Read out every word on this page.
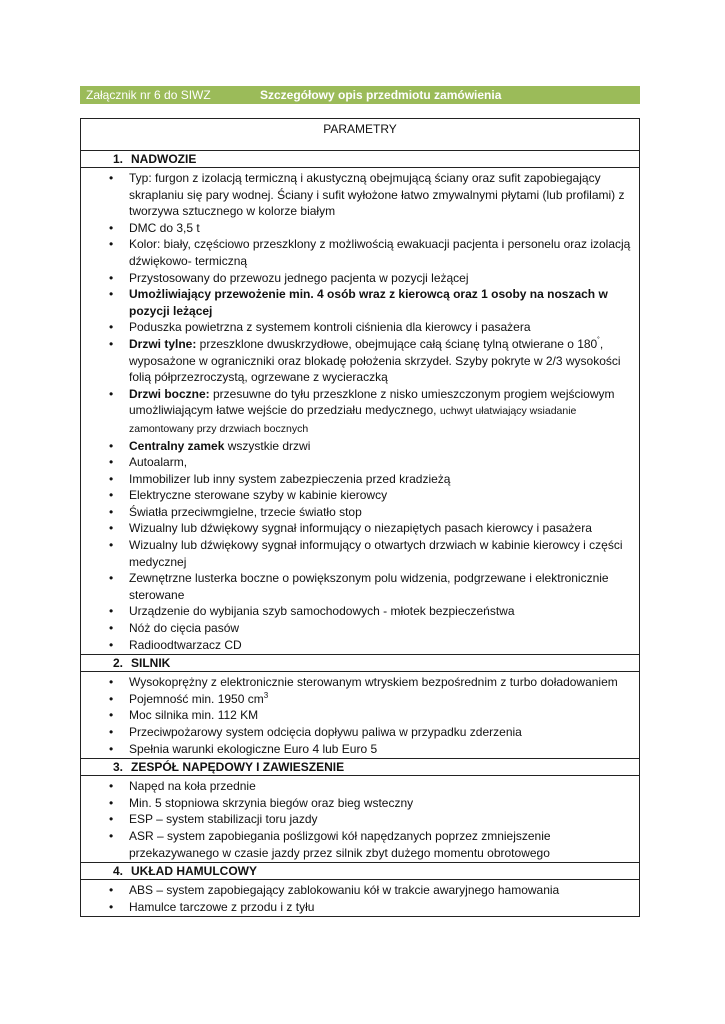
Załącznik nr 6 do SIWZ	Szczegółowy opis przedmiotu zamówienia
PARAMETRY
1. NADWOZIE

• Typ: furgon z izolacją termiczną i akustyczną obejmującą ściany oraz sufit zapobiegający skraplaniu się pary wodnej. Ściany i sufit wyłożone łatwo zmywalnymi płytami (lub profilami) z tworzywa sztucznego w kolorze białym
• DMC do 3,5 t
• Kolor: biały, częściowo przeszklony z możliwością ewakuacji pacjenta i personelu oraz izolacją dźwiękowo- termiczną
• Przystosowany do przewozu jednego pacjenta w pozycji leżącej
• Umożliwiający przewożenie min. 4 osób wraz z kierowcą oraz 1 osoby na noszach w pozycji leżącej
• Poduszka powietrzna z systemem kontroli ciśnienia dla kierowcy i pasażera
• Drzwi tylne: przeszklone dwuskrzydłowe, obejmujące całą ścianę tylną otwierane o 180˚, wyposażone w ograniczniki oraz blokadę położenia skrzydeł. Szyby pokryte w 2/3 wysokości folią półprzezroczystą, ogrzewane z wycieraczką
• Drzwi boczne: przesuwne do tyłu przeszklone z nisko umieszczonym progiem wejściowym umożliwiającym łatwe wejście do przedziału medycznego, uchwyt ułatwiający wsiadanie zamontowany przy drzwiach bocznych
• Centralny zamek wszystkie drzwi
• Autoalarm,
• Immobilizer lub inny system zabezpieczenia przed kradzieżą
• Elektryczne sterowane szyby w kabinie kierowcy
• Światła przeciwmgielne, trzecie światło stop
• Wizualny lub dźwiękowy sygnał informujący o niezapiętych pasach kierowcy i pasażera
• Wizualny lub dźwiękowy sygnał informujący o otwartych drzwiach w kabinie kierowcy i części medycznej
• Zewnętrzne lusterka boczne o powiększonym polu widzenia, podgrzewane i elektronicznie sterowane
• Urządzenie do wybijania szyb samochodowych - młotek bezpieczeństwa
• Nóż do cięcia pasów
• Radioodtwarzacz CD

2. SILNIK

• Wysokoprężny z elektronicznie sterowanym wtryskiem bezpośrednim z turbo doładowaniem
• Pojemność min. 1950 $cm^3$
• Moc silnika min. 112 KM
• Przeciwpożarowy system odcięcia dopływu paliwa w przypadku zderzenia
• Spełnia warunki ekologiczne Euro 4 lub Euro 5

3. ZESPÓŁ NAPĘDOWY I ZAWIESZENIE

• Napęd na koła przednie
• Min. 5 stopniowa skrzynia biegów oraz bieg wsteczny
• ESP – system stabilizacji toru jazdy
• ASR – system zapobiegania poślizgowi kół napędzanych poprzez zmniejszenie przekazywanego w czasie jazdy przez silnik zbyt dużego momentu obrotowego

4. UKŁAD HAMULCOWY

• ABS – system zapobiegający zablokowaniu kół w trakcie awaryjnego hamowania
• Hamulce tarczowe z przodu i z tyłu
